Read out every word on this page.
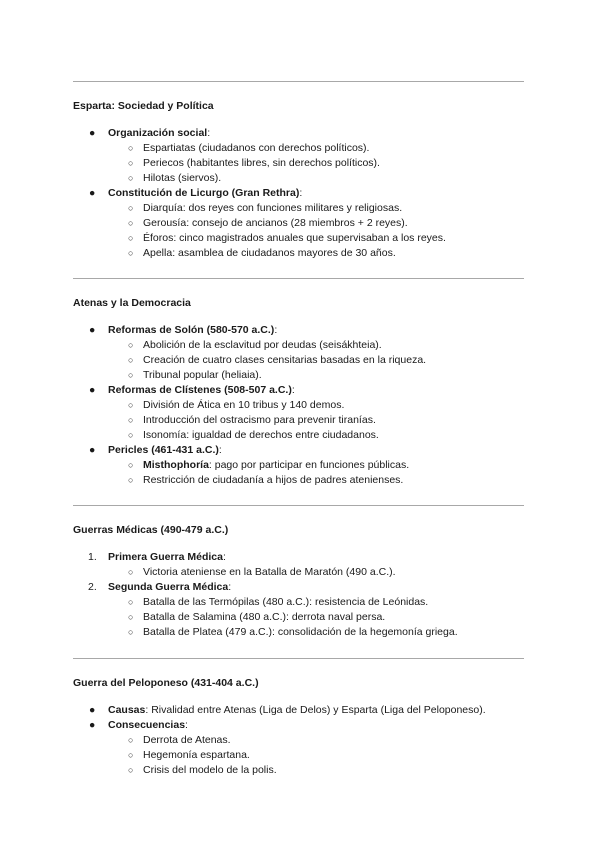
Esparta: Sociedad y Política
● Organización social:
○ Espartiatas (ciudadanos con derechos políticos).
○ Periecos (habitantes libres, sin derechos políticos).
○ Hilotas (siervos).
● Constitución de Licurgo (Gran Rethra):
○ Diarquía: dos reyes con funciones militares y religiosas.
○ Gerousía: consejo de ancianos (28 miembros + 2 reyes).
○ Éforos: cinco magistrados anuales que supervisaban a los reyes.
○ Apella: asamblea de ciudadanos mayores de 30 años.
Atenas y la Democracia
● Reformas de Solón (580-570 a.C.):
○ Abolición de la esclavitud por deudas (seisákhteia).
○ Creación de cuatro clases censitarias basadas en la riqueza.
○ Tribunal popular (heliaia).
● Reformas de Clístenes (508-507 a.C.):
○ División de Ática en 10 tribus y 140 demos.
○ Introducción del ostracismo para prevenir tiranías.
○ Isonomía: igualdad de derechos entre ciudadanos.
● Pericles (461-431 a.C.):
○ Misthophoría: pago por participar en funciones públicas.
○ Restricción de ciudadanía a hijos de padres atenienses.
Guerras Médicas (490-479 a.C.)
1. Primera Guerra Médica:
○ Victoria ateniense en la Batalla de Maratón (490 a.C.).
2. Segunda Guerra Médica:
○ Batalla de las Termópilas (480 a.C.): resistencia de Leónidas.
○ Batalla de Salamina (480 a.C.): derrota naval persa.
○ Batalla de Platea (479 a.C.): consolidación de la hegemonía griega.
Guerra del Peloponeso (431-404 a.C.)
● Causas: Rivalidad entre Atenas (Liga de Delos) y Esparta (Liga del Peloponeso).
● Consecuencias:
○ Derrota de Atenas.
○ Hegemonía espartana.
○ Crisis del modelo de la polis.
